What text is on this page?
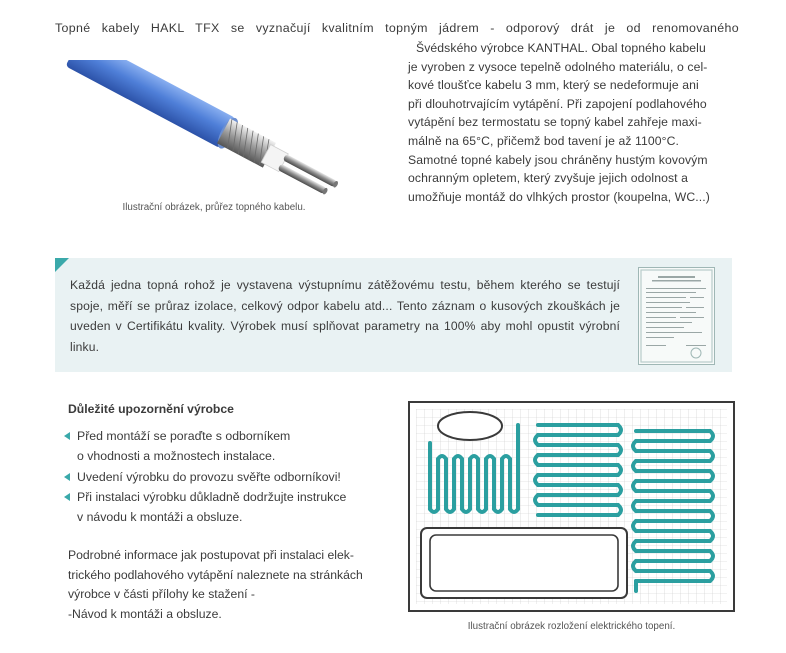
Topné kabely HAKL TFX se vyznačují kvalitním topným jádrem - odporový drát je od renomovaného

Švédského výrobce KANTHAL. Obal topného kabelu
je vyroben z vysoce tepelně odolného materiálu, o cel-
kové tloušťce kabelu 3 mm, který se nedeformuje ani
při dlouhotrvajícím vytápění. Při zapojení podlahového
vytápění bez termostatu se topný kabel zahřeje maxi-
málně na 65°C, přičemž bod tavení je až 1100°C.
Samotné topné kabely jsou chráněny hustým kovovým
ochranným opletem, který zvyšuje jejich odolnost a
umožňuje montáž do vlhkých prostor (koupelna, WC...)

Ilustrační obrázek, průřez topného kabelu.

Každá jedna topná rohož je vystavena výstupnímu zátěžovému testu, během kterého se testují spoje, měří se průraz izolace, celkový odpor kabelu atd... Tento záznam o kusových zkouškách je uveden v Certifikátu kvality. Výrobek musí splňovat parametry na 100% aby mohl opustit výrobní linku.

Důležité upozornění výrobce

Před montáží se poraďte s odborníkem
o vhodnosti a možnostech instalace.
Uvedení výrobku do provozu svěřte odborníkovi!
Při instalaci výrobku důkladně dodržujte instrukce
v návodu k montáži a obsluze.

Podrobné informace jak postupovat při instalaci elek-
trického podlahového vytápění naleznete na stránkách
výrobce v části přílohy ke stažení -
-Návod k montáži a obsluze.

Ilustrační obrázek rozložení elektrického topení.
